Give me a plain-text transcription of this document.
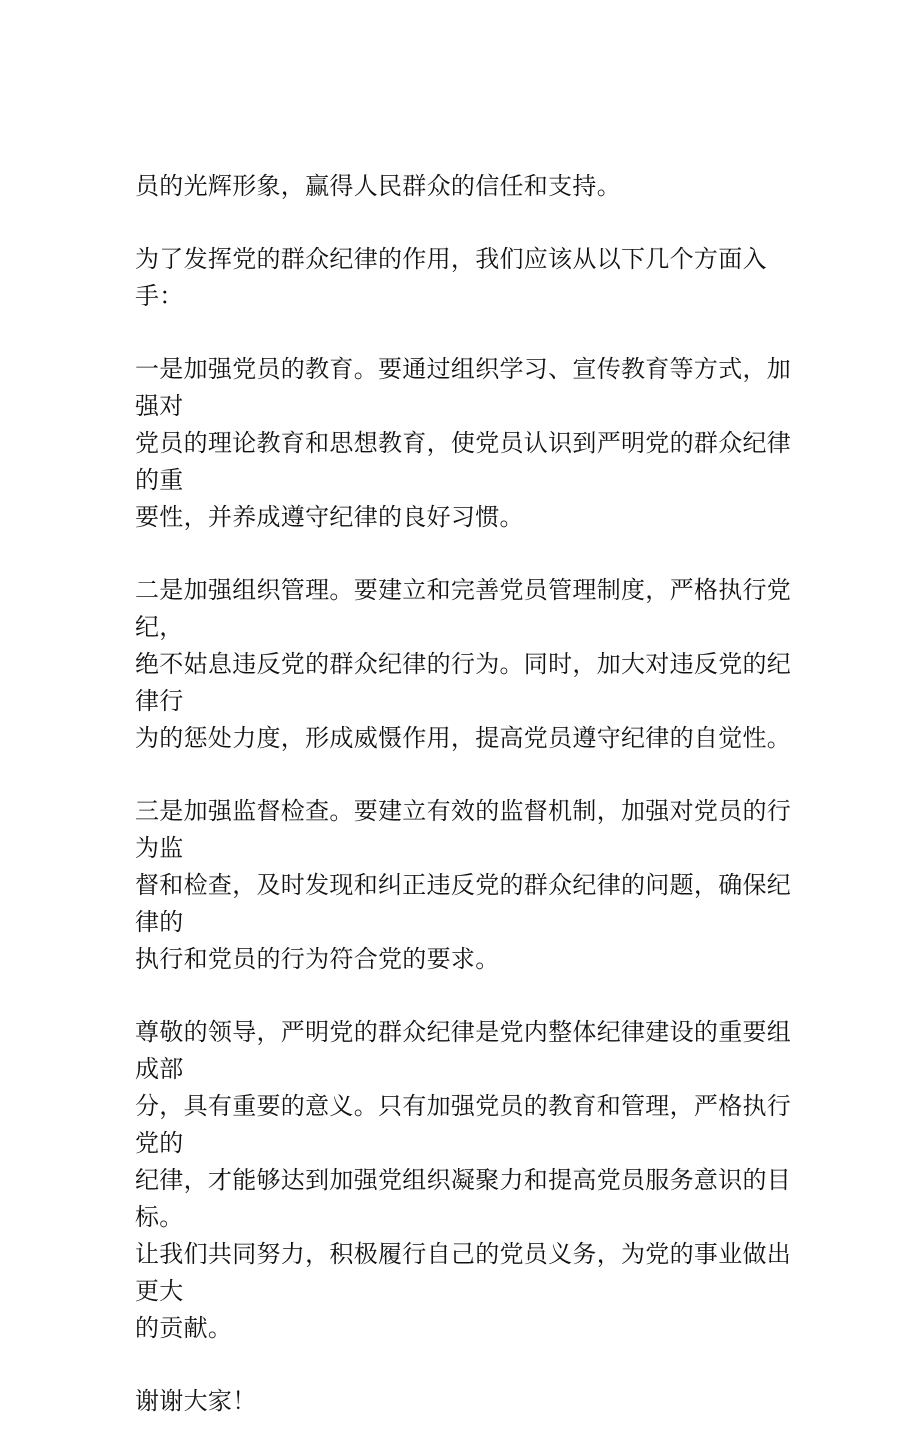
员的光辉形象，赢得人民群众的信任和支持。

为了发挥党的群众纪律的作用，我们应该从以下几个方面入手：

一是加强党员的教育。要通过组织学习、宣传教育等方式，加强对
党员的理论教育和思想教育，使党员认识到严明党的群众纪律的重
要性，并养成遵守纪律的良好习惯。

二是加强组织管理。要建立和完善党员管理制度，严格执行党纪，
绝不姑息违反党的群众纪律的行为。同时，加大对违反党的纪律行
为的惩处力度，形成威慑作用，提高党员遵守纪律的自觉性。

三是加强监督检查。要建立有效的监督机制，加强对党员的行为监
督和检查，及时发现和纠正违反党的群众纪律的问题，确保纪律的
执行和党员的行为符合党的要求。

尊敬的领导，严明党的群众纪律是党内整体纪律建设的重要组成部
分，具有重要的意义。只有加强党员的教育和管理，严格执行党的
纪律，才能够达到加强党组织凝聚力和提高党员服务意识的目标。
让我们共同努力，积极履行自己的党员义务，为党的事业做出更大
的贡献。

谢谢大家！
